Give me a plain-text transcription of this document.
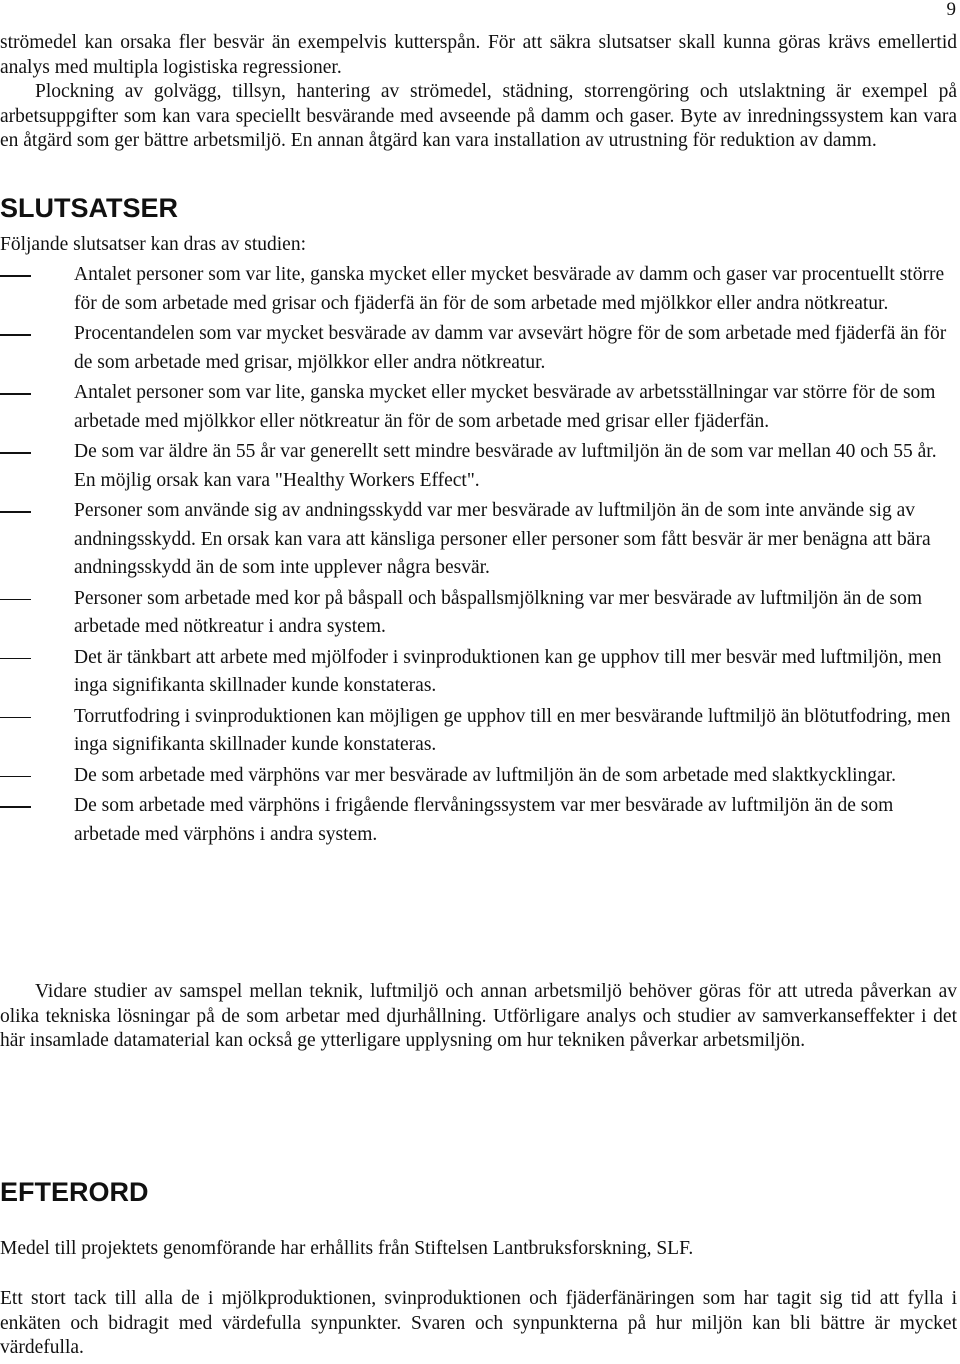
9

strömedel kan orsaka fler besvär än exempelvis kutterspån. För att säkra slutsatser skall kunna göras krävs emellertid analys med multipla logistiska regressioner.

Plockning av golvägg, tillsyn, hantering av strömedel, städning, storrengöring och utslaktning är exempel på arbetsuppgifter som kan vara speciellt besvärande med avseende på damm och gaser. Byte av inredningssystem kan vara en åtgärd som ger bättre arbetsmiljö. En annan åtgärd kan vara installation av utrustning för reduktion av damm.

SLUTSATSER

Följande slutsatser kan dras av studien:

Antalet personer som var lite, ganska mycket eller mycket besvärade av damm och gaser var procentuellt större för de som arbetade med grisar och fjäderfä än för de som arbetade med mjölkkor eller andra nötkreatur.
Procentandelen som var mycket besvärade av damm var avsevärt högre för de som arbetade med fjäderfä än för de som arbetade med grisar, mjölkkor eller andra nötkreatur.
Antalet personer som var lite, ganska mycket eller mycket besvärade av arbetsställningar var större för de som arbetade med mjölkkor eller nötkreatur än för de som arbetade med grisar eller fjäderfän.
De som var äldre än 55 år var generellt sett mindre besvärade av luftmiljön än de som var mellan 40 och 55 år. En möjlig orsak kan vara "Healthy Workers Effect".
Personer som använde sig av andningsskydd var mer besvärade av luftmiljön än de som inte använde sig av andningsskydd. En orsak kan vara att känsliga personer eller personer som fått besvär är mer benägna att bära andningsskydd än de som inte upplever några besvär.
Personer som arbetade med kor på båspall och båspallsmjölkning var mer besvärade av luftmiljön än de som arbetade med nötkreatur i andra system.
Det är tänkbart att arbete med mjölfoder i svinproduktionen kan ge upphov till mer besvär med luftmiljön, men inga signifikanta skillnader kunde konstateras.
Torrutfodring i svinproduktionen kan möjligen ge upphov till en mer besvärande luftmiljö än blötutfodring, men inga signifikanta skillnader kunde konstateras.
De som arbetade med värphöns var mer besvärade av luftmiljön än de som arbetade med slaktkycklingar.
De som arbetade med värphöns i frigående flervåningssystem var mer besvärade av luftmiljön än de som arbetade med värphöns i andra system.

Vidare studier av samspel mellan teknik, luftmiljö och annan arbetsmiljö behöver göras för att utreda påverkan av olika tekniska lösningar på de som arbetar med djurhållning. Utförligare analys och studier av samverkanseffekter i det här insamlade datamaterial kan också ge ytterligare upplysning om hur tekniken påverkar arbetsmiljön.

EFTERORD

Medel till projektets genomförande har erhållits från Stiftelsen Lantbruksforskning, SLF.

Ett stort tack till alla de i mjölkproduktionen, svinproduktionen och fjäderfänäringen som har tagit sig tid att fylla i enkäten och bidragit med värdefulla synpunkter. Svaren och synpunkterna på hur miljön kan bli bättre är mycket värdefulla.
